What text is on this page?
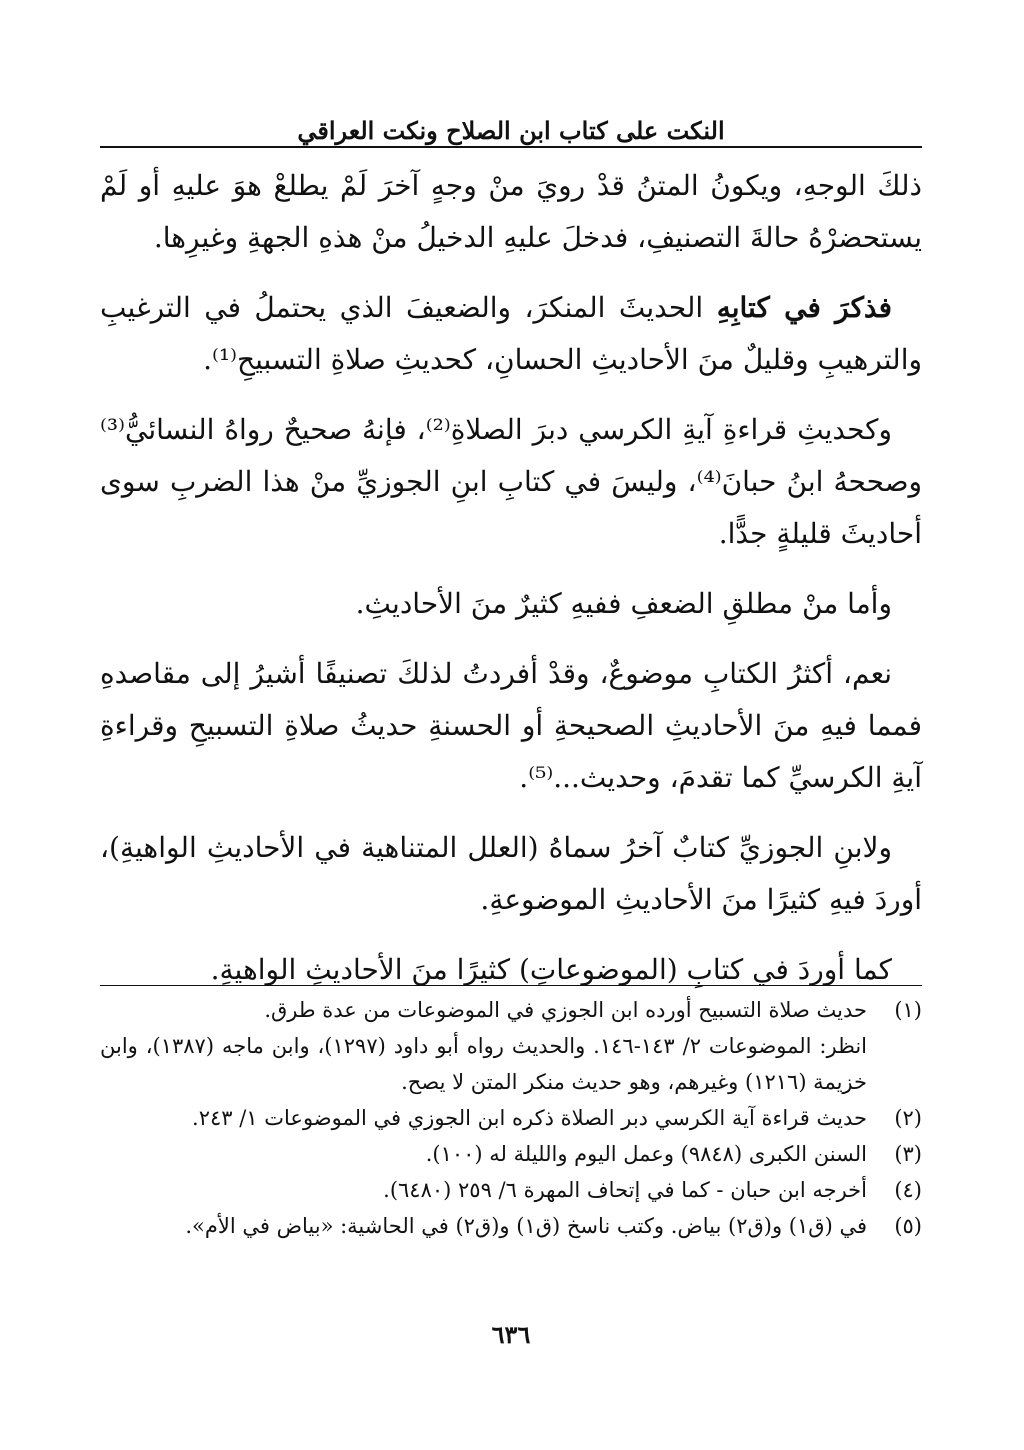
النكت على كتاب ابن الصلاح ونكت العراقي

ذلكَ الوجهِ، ويكونُ المتنُ قدْ رويَ منْ وجهٍ آخرَ لَمْ يطلعْ هوَ عليهِ أو لَمْ يستحضرْهُ حالةَ التصنيفِ، فدخلَ عليهِ الدخيلُ منْ هذهِ الجهةِ وغيرِها.

فذكرَ في كتابِهِ الحديثَ المنكرَ، والضعيفَ الذي يحتملُ في الترغيبِ والترهيبِ وقليلٌ منَ الأحاديثِ الحسانِ، كحديثِ صلاةِ التسبيحِ⁽¹⁾.

وكحديثِ قراءةِ آيةِ الكرسي دبرَ الصلاةِ⁽²⁾، فإنهُ صحيحٌ رواهُ النسائيُّ⁽³⁾ وصححهُ ابنُ حبانَ⁽⁴⁾، وليسَ في كتابِ ابنِ الجوزيِّ منْ هذا الضربِ سوى أحاديثَ قليلةٍ جدًّا.

وأما منْ مطلقِ الضعفِ ففيهِ كثيرٌ منَ الأحاديثِ.

نعم، أكثرُ الكتابِ موضوعٌ، وقدْ أفردتُ لذلكَ تصنيفًا أشيرُ إلى مقاصدهِ فمما فيهِ منَ الأحاديثِ الصحيحةِ أو الحسنةِ حديثُ صلاةِ التسبيحِ وقراءةِ آيةِ الكرسيِّ كما تقدمَ، وحديث...⁽⁵⁾.

ولابنِ الجوزيِّ كتابٌ آخرُ سماهُ (العلل المتناهية في الأحاديثِ الواهيةِ)، أوردَ فيهِ كثيرًا منَ الأحاديثِ الموضوعةِ.

كما أوردَ في كتابِ (الموضوعاتِ) كثيرًا منَ الأحاديثِ الواهيةِ.

(١)
حديث صلاة التسبيح أورده ابن الجوزي في الموضوعات من عدة طرق.
انظر: الموضوعات ٢/ ١٤٣-١٤٦. والحديث رواه أبو داود (١٢٩٧)، وابن ماجه (١٣٨٧)، وابن خزيمة (١٢١٦) وغيرهم، وهو حديث منكر المتن لا يصح.
(٢)
حديث قراءة آية الكرسي دبر الصلاة ذكره ابن الجوزي في الموضوعات ١/ ٢٤٣.
(٣)
السنن الكبرى (٩٨٤٨) وعمل اليوم والليلة له (١٠٠).
(٤)
أخرجه ابن حبان - كما في إتحاف المهرة ٦/ ٢٥٩ (٦٤٨٠).
(٥)
في (ق١) و(ق٢) بياض. وكتب ناسخ (ق١) و(ق٢) في الحاشية: «بياض في الأم».
٦٣٦
